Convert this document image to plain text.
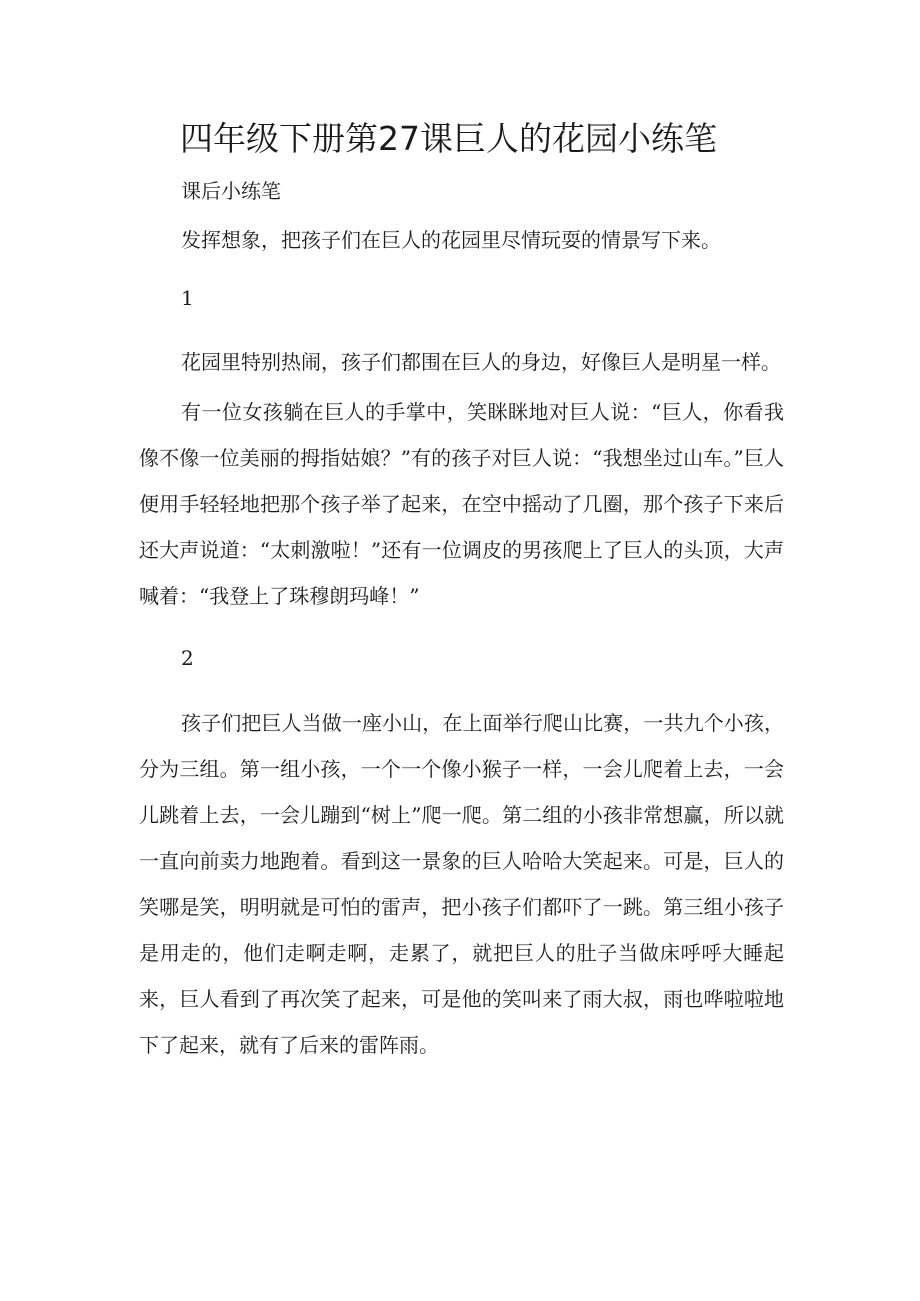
四年级下册第27课巨人的花园小练笔

课后小练笔

发挥想象，把孩子们在巨人的花园里尽情玩耍的情景写下来。

1

花园里特别热闹，孩子们都围在巨人的身边，好像巨人是明星一样。

有一位女孩躺在巨人的手掌中，笑眯眯地对巨人说：“巨人，你看我像不像一位美丽的拇指姑娘？”有的孩子对巨人说：“我想坐过山车。”巨人便用手轻轻地把那个孩子举了起来，在空中摇动了几圈，那个孩子下来后还大声说道：“太刺激啦！”还有一位调皮的男孩爬上了巨人的头顶，大声喊着：“我登上了珠穆朗玛峰！”

2

孩子们把巨人当做一座小山，在上面举行爬山比赛，一共九个小孩，分为三组。第一组小孩，一个一个像小猴子一样，一会儿爬着上去，一会儿跳着上去，一会儿蹦到“树上”爬一爬。第二组的小孩非常想赢，所以就一直向前卖力地跑着。看到这一景象的巨人哈哈大笑起来。可是，巨人的笑哪是笑，明明就是可怕的雷声，把小孩子们都吓了一跳。第三组小孩子是用走的，他们走啊走啊，走累了，就把巨人的肚子当做床呼呼大睡起来，巨人看到了再次笑了起来，可是他的笑叫来了雨大叔，雨也哗啦啦地下了起来，就有了后来的雷阵雨。
